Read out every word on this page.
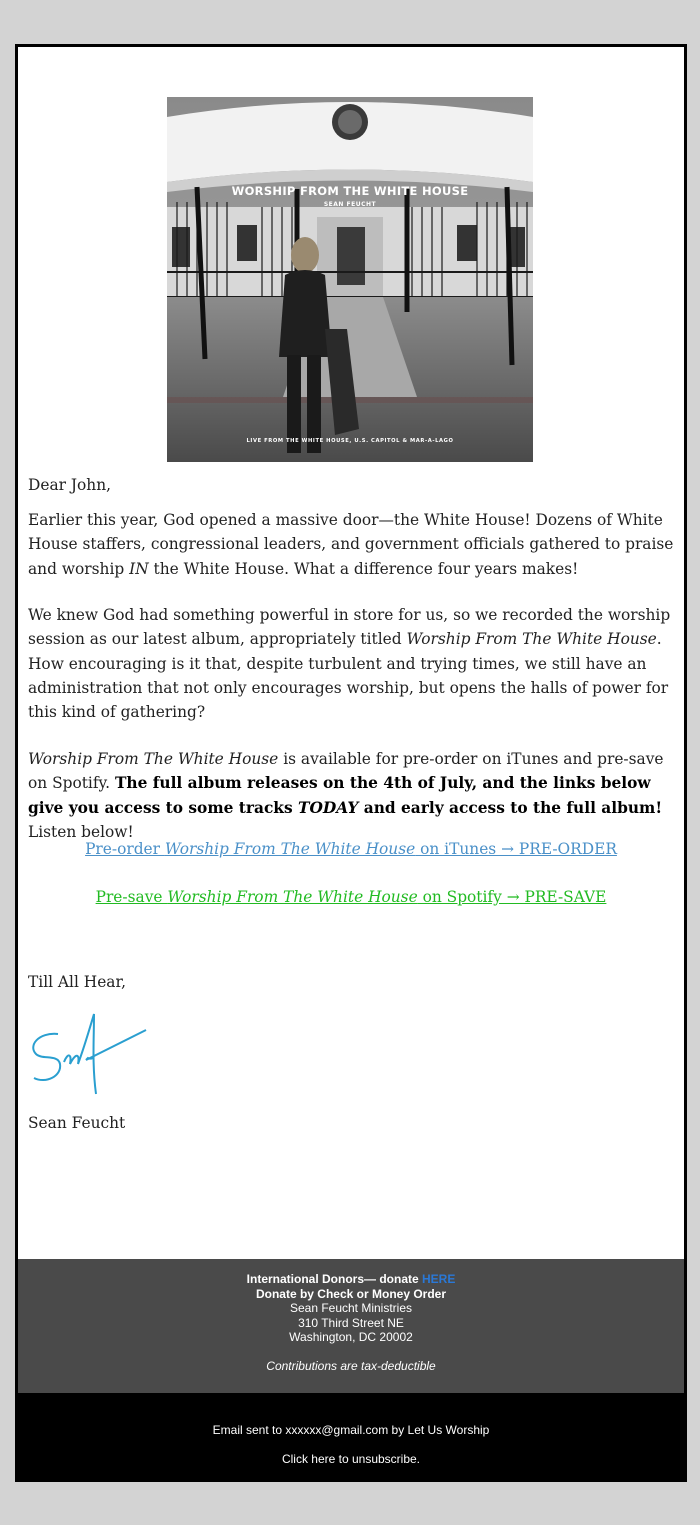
WORSHIP FROM THE WHITE HOUSE
SEAN FEUCHT
LIVE FROM THE WHITE HOUSE, U.S. CAPITOL & MAR-A-LAGO

Dear John,

Earlier this year, God opened a massive door—the White House! Dozens of White House staffers, congressional leaders, and government officials gathered to praise and worship IN the White House. What a difference four years makes!

We knew God had something powerful in store for us, so we recorded the worship session as our latest album, appropriately titled Worship From The White House. How encouraging is it that, despite turbulent and trying times, we still have an administration that not only encourages worship, but opens the halls of power for this kind of gathering?

Worship From The White House is available for pre-order on iTunes and pre-save on Spotify. The full album releases on the 4th of July, and the links below give you access to some tracks TODAY and early access to the full album! Listen below!

Pre-order Worship From The White House on iTunes → PRE-ORDER
Pre-save Worship From The White House on Spotify → PRE-SAVE

Till All Hear,

Sean Feucht

International Donors— donate HERE
Donate by Check or Money Order
Sean Feucht Ministries
310 Third Street NE
Washington, DC 20002
Contributions are tax-deductible
Email sent to xxxxxx@gmail.com by Let Us Worship
Click here to unsubscribe.
